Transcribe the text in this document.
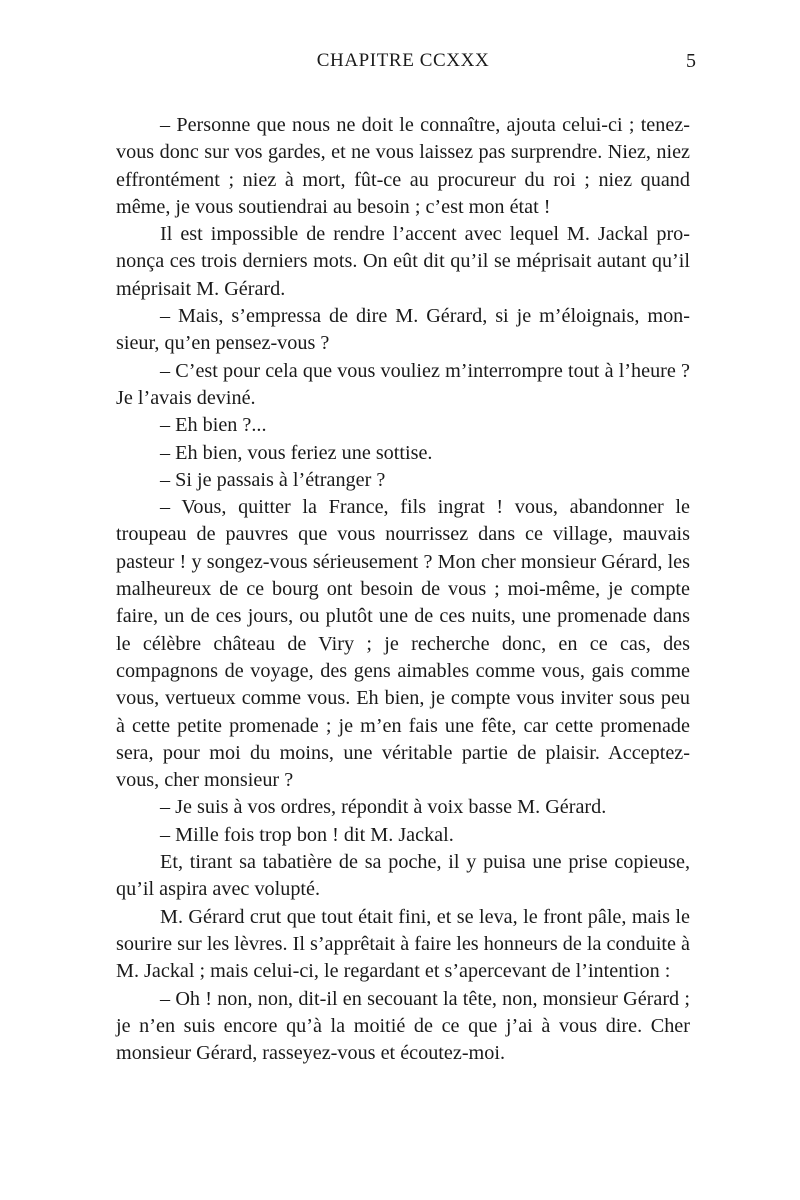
CHAPITRE CCXXX	5

– Personne que nous ne doit le connaître, ajouta celui-ci ; tenez-vous donc sur vos gardes, et ne vous laissez pas surprendre. Niez, niez effrontément ; niez à mort, fût-ce au procureur du roi ; niez quand même, je vous soutiendrai au besoin ; c’est mon état !

Il est impossible de rendre l’accent avec lequel M. Jackal prononça ces trois derniers mots. On eût dit qu’il se méprisait autant qu’il méprisait M. Gérard.

– Mais, s’empressa de dire M. Gérard, si je m’éloignais, monsieur, qu’en pensez-vous ?

– C’est pour cela que vous vouliez m’interrompre tout à l’heure ? Je l’avais deviné.

– Eh bien ?...

– Eh bien, vous feriez une sottise.

– Si je passais à l’étranger ?

– Vous, quitter la France, fils ingrat ! vous, abandonner le troupeau de pauvres que vous nourrissez dans ce village, mauvais pasteur ! y songez-vous sérieusement ? Mon cher monsieur Gérard, les malheureux de ce bourg ont besoin de vous ; moi-même, je compte faire, un de ces jours, ou plutôt une de ces nuits, une promenade dans le célèbre château de Viry ; je recherche donc, en ce cas, des compagnons de voyage, des gens aimables comme vous, gais comme vous, vertueux comme vous. Eh bien, je compte vous inviter sous peu à cette petite promenade ; je m’en fais une fête, car cette promenade sera, pour moi du moins, une véritable partie de plaisir. Acceptez-vous, cher monsieur ?

– Je suis à vos ordres, répondit à voix basse M. Gérard.

– Mille fois trop bon ! dit M. Jackal.

Et, tirant sa tabatière de sa poche, il y puisa une prise copieuse, qu’il aspira avec volupté.

M. Gérard crut que tout était fini, et se leva, le front pâle, mais le sourire sur les lèvres. Il s’apprêtait à faire les honneurs de la conduite à M. Jackal ; mais celui-ci, le regardant et s’apercevant de l’intention :

– Oh ! non, non, dit-il en secouant la tête, non, monsieur Gérard ; je n’en suis encore qu’à la moitié de ce que j’ai à vous dire. Cher monsieur Gérard, rasseyez-vous et écoutez-moi.
